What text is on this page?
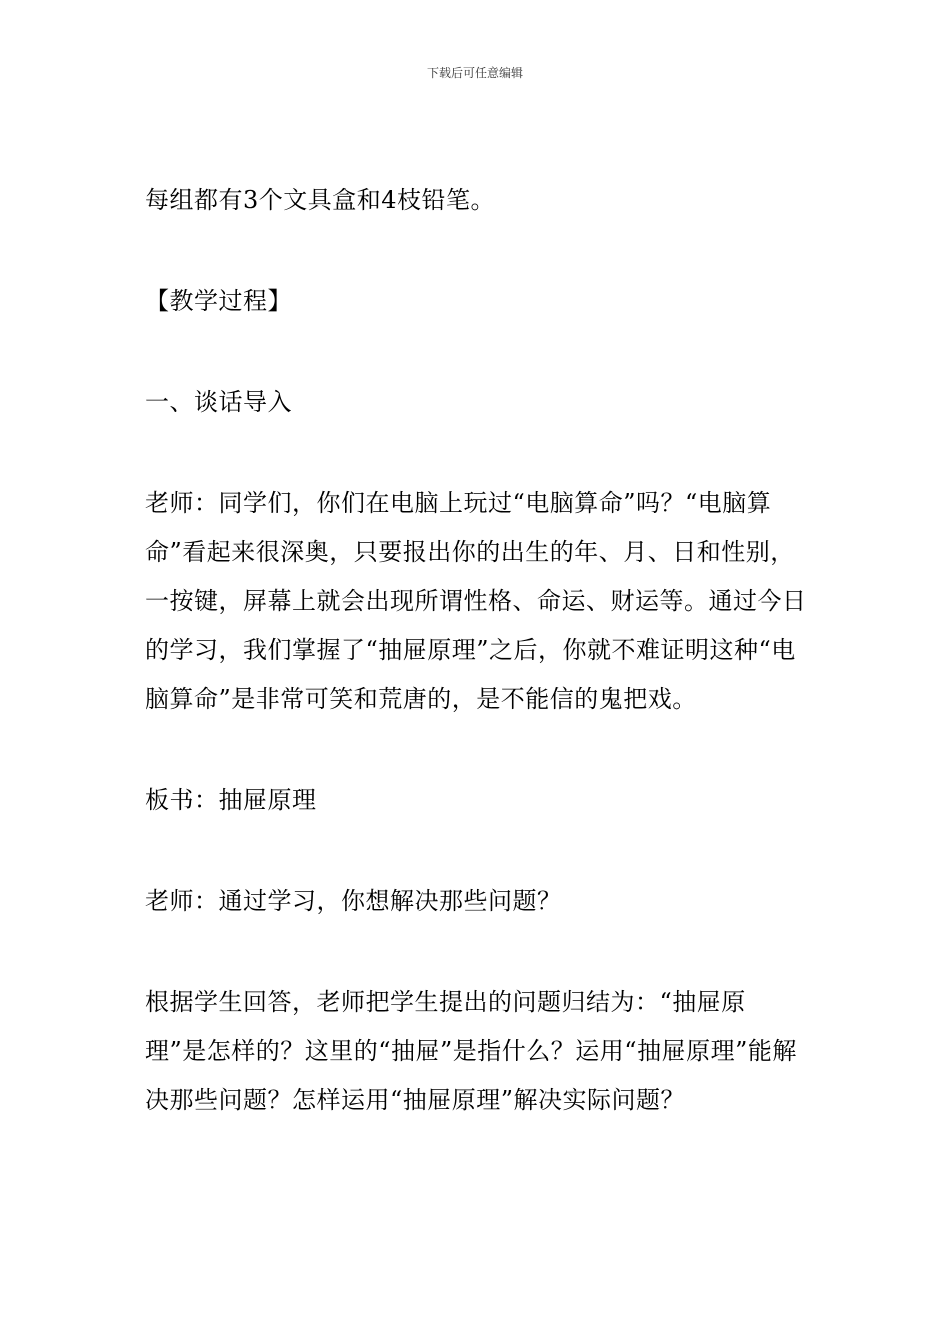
下载后可任意编辑

每组都有3个文具盒和4枝铅笔。

【教学过程】

一、谈话导入

老师：同学们，你们在电脑上玩过“电脑算命”吗？“电脑算命”看起来很深奥，只要报出你的出生的年、月、日和性别，一按键，屏幕上就会出现所谓性格、命运、财运等。通过今日的学习，我们掌握了“抽屉原理”之后，你就不难证明这种“电脑算命”是非常可笑和荒唐的，是不能信的鬼把戏。

板书：抽屉原理

老师：通过学习，你想解决那些问题？

根据学生回答，老师把学生提出的问题归结为：“抽屉原理”是怎样的？这里的“抽屉”是指什么？运用“抽屉原理”能解决那些问题？怎样运用“抽屉原理”解决实际问题？
